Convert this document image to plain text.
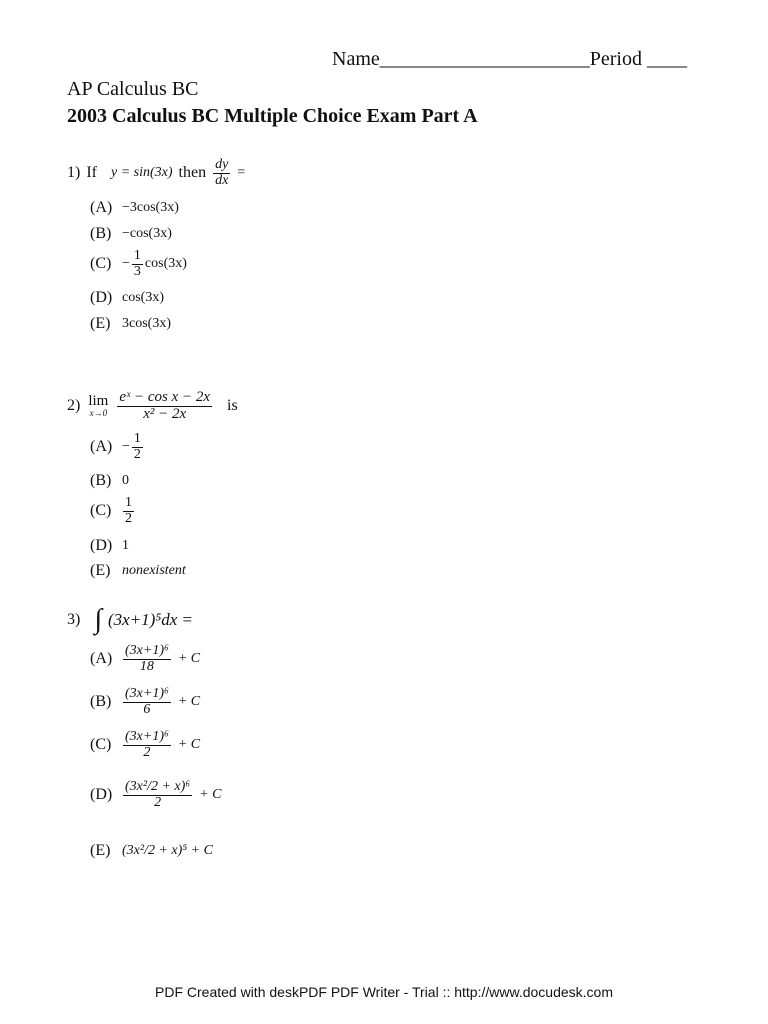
Name_____________________Period ____
AP Calculus BC
2003 Calculus BC Multiple Choice Exam Part A
1) If y = sin(3x) then $\frac{dy}{dx}$ =
(A) −3cos(3x)
(B) −cos(3x)
$(C) - \frac{1}{3} \cos(3x)$
(D) cos(3x)
(E) 3cos(3x)
2) lim
$x\to 0 \frac{\text{eˣ − cos x − 2x}}{\text{x² − 2x}}$ is
$(A) - \frac{1}{2}$
(B) 0
$(C) \frac{1}{2}$
(D) 1
(E) nonexistent
3) ∫ (3x+1)⁵dx =
$(A) \frac{\text{(3x+1)⁶}}{18} + C$
$(B) \frac{\text{(3x+1)⁶}}{6} + C$
$(C) \frac{\text{(3x+1)⁶}}{2} + C$
$(D) \frac{\text{(3x²/2 + x)⁶}}{2} + C$
(E) (3x²/2 + x)⁵ + C
PDF Created with deskPDF PDF Writer - Trial :: http://www.docudesk.com
